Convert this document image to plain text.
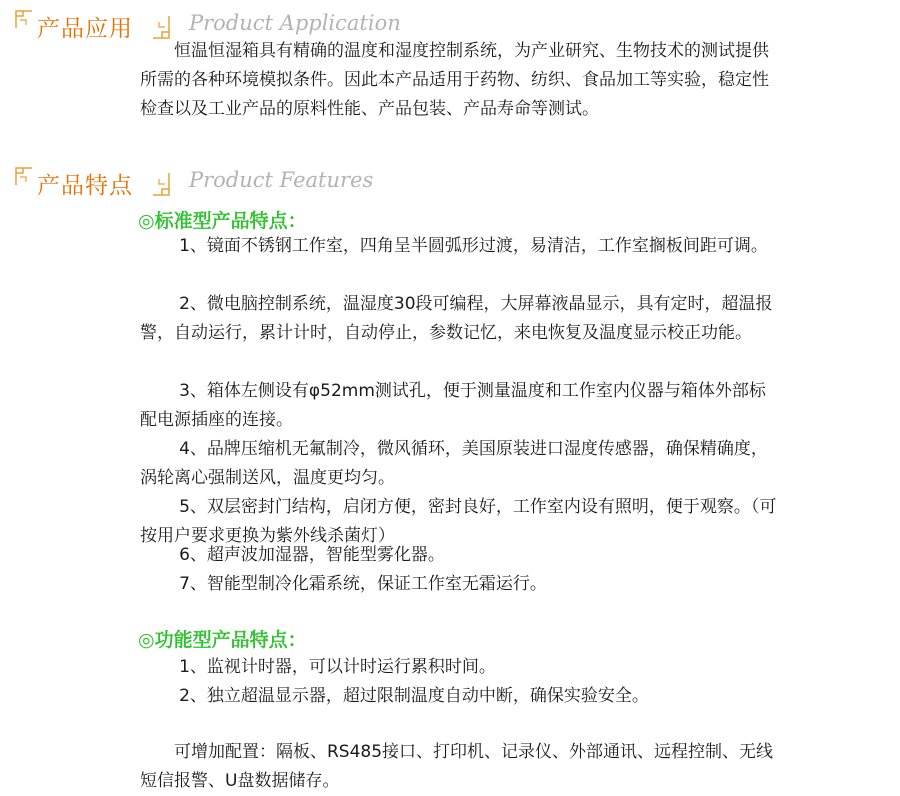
产品应用	Product Application

恒温恒湿箱具有精确的温度和湿度控制系统，为产业研究、生物技术的测试提供所需的各种环境模拟条件。因此本产品适用于药物、纺织、食品加工等实验，稳定性检查以及工业产品的原料性能、产品包装、产品寿命等测试。

产品特点	Product Features
◎标准型产品特点：

1、镜面不锈钢工作室，四角呈半圆弧形过渡，易清洁，工作室搁板间距可调。

2、微电脑控制系统，温湿度30段可编程，大屏幕液晶显示，具有定时，超温报警，自动运行，累计计时，自动停止，参数记忆，来电恢复及温度显示校正功能。

3、箱体左侧设有φ52mm测试孔，便于测量温度和工作室内仪器与箱体外部标配电源插座的连接。

4、品牌压缩机无氟制冷，微风循环，美国原装进口湿度传感器，确保精确度，涡轮离心强制送风，温度更均匀。

5、双层密封门结构，启闭方便，密封良好，工作室内设有照明，便于观察。（可按用户要求更换为紫外线杀菌灯）

6、超声波加湿器，智能型雾化器。

7、智能型制冷化霜系统，保证工作室无霜运行。

◎功能型产品特点：

1、监视计时器，可以计时运行累积时间。

2、独立超温显示器，超过限制温度自动中断，确保实验安全。

可增加配置：隔板、RS485接口、打印机、记录仪、外部通讯、远程控制、无线短信报警、U盘数据储存。
